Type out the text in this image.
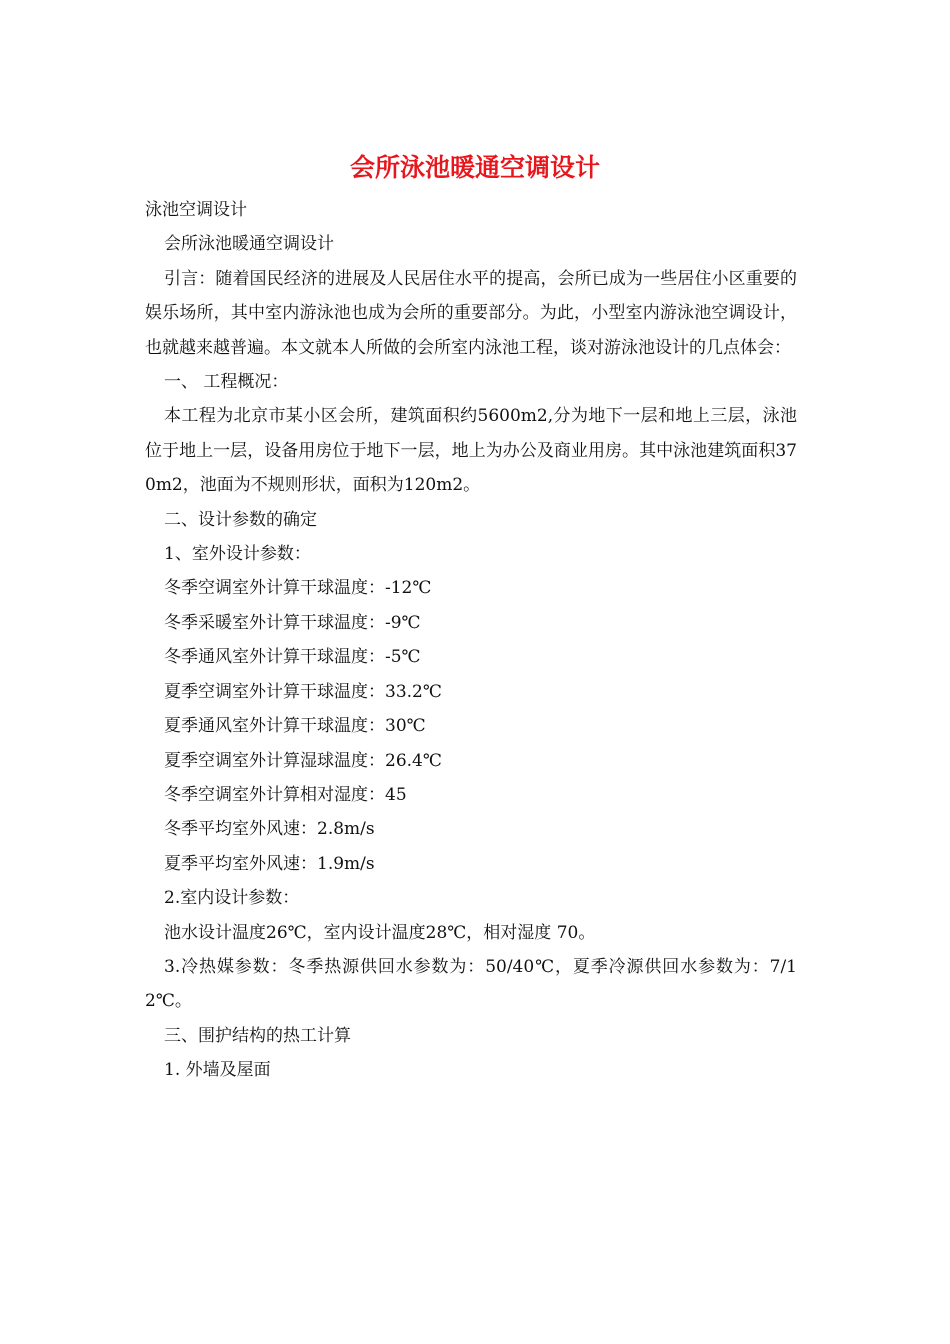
会所泳池暖通空调设计

泳池空调设计

会所泳池暖通空调设计

引言：随着国民经济的进展及人民居住水平的提高，会所已成为一些居住小区重要的娱乐场所，其中室内游泳池也成为会所的重要部分。为此，小型室内游泳池空调设计，也就越来越普遍。本文就本人所做的会所室内泳池工程，谈对游泳池设计的几点体会：

一、 工程概况：

本工程为北京市某小区会所，建筑面积约5600m2,分为地下一层和地上三层，泳池位于地上一层，设备用房位于地下一层，地上为办公及商业用房。其中泳池建筑面积370m2，池面为不规则形状，面积为120m2。

二、设计参数的确定

1、室外设计参数：

冬季空调室外计算干球温度：-12℃

冬季采暖室外计算干球温度：-9℃

冬季通风室外计算干球温度：-5℃

夏季空调室外计算干球温度：33.2℃

夏季通风室外计算干球温度：30℃

夏季空调室外计算湿球温度：26.4℃

冬季空调室外计算相对湿度：45

冬季平均室外风速：2.8m/s

夏季平均室外风速：1.9m/s

2.室内设计参数：

池水设计温度26℃，室内设计温度28℃，相对湿度 70。

3.冷热媒参数：冬季热源供回水参数为：50/40℃，夏季冷源供回水参数为：7/12℃。

三、围护结构的热工计算

1. 外墙及屋面
